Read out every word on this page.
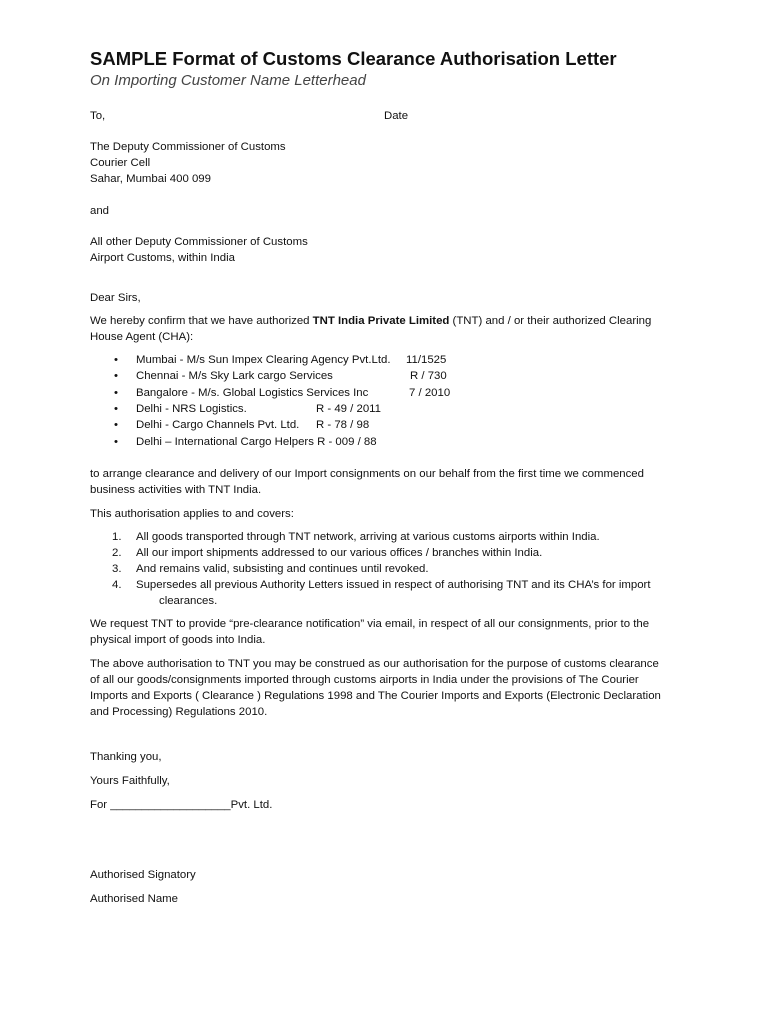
SAMPLE Format of Customs Clearance Authorisation Letter
On Importing Customer Name Letterhead
To,	Date
The Deputy Commissioner of Customs
Courier Cell
Sahar, Mumbai 400 099
and
All other Deputy Commissioner of Customs
Airport Customs, within India
Dear Sirs,
We hereby confirm that we have authorized TNT India Private Limited (TNT) and / or their authorized Clearing House Agent (CHA):
• Mumbai - M/s Sun Impex Clearing Agency Pvt.Ltd. 11/1525
• Chennai - M/s Sky Lark cargo Services	R / 730
• Bangalore - M/s. Global Logistics Services Inc	7 / 2010
• Delhi - NRS Logistics.	R - 49 / 2011
• Delhi - Cargo Channels Pvt. Ltd. R - 78 / 98
• Delhi – International Cargo Helpers R - 009 / 88
to arrange clearance and delivery of our Import consignments on our behalf from the first time we commenced business activities with TNT India.
This authorisation applies to and covers:
1. All goods transported through TNT network, arriving at various customs airports within India.
2. All our import shipments addressed to our various offices / branches within India.
3. And remains valid, subsisting and continues until revoked.
4. Supersedes all previous Authority Letters issued in respect of authorising TNT and its CHA’s for import
clearances.
We request TNT to provide “pre-clearance notification” via email, in respect of all our consignments, prior to the physical import of goods into India.
The above authorisation to TNT you may be construed as our authorisation for the purpose of customs clearance of all our goods/consignments imported through customs airports in India under the provisions of The Courier Imports and Exports ( Clearance ) Regulations 1998 and The Courier Imports and Exports (Electronic Declaration and Processing) Regulations 2010.
Thanking you,
Yours Faithfully,
For ___________________Pvt. Ltd.
Authorised Signatory
Authorised Name
